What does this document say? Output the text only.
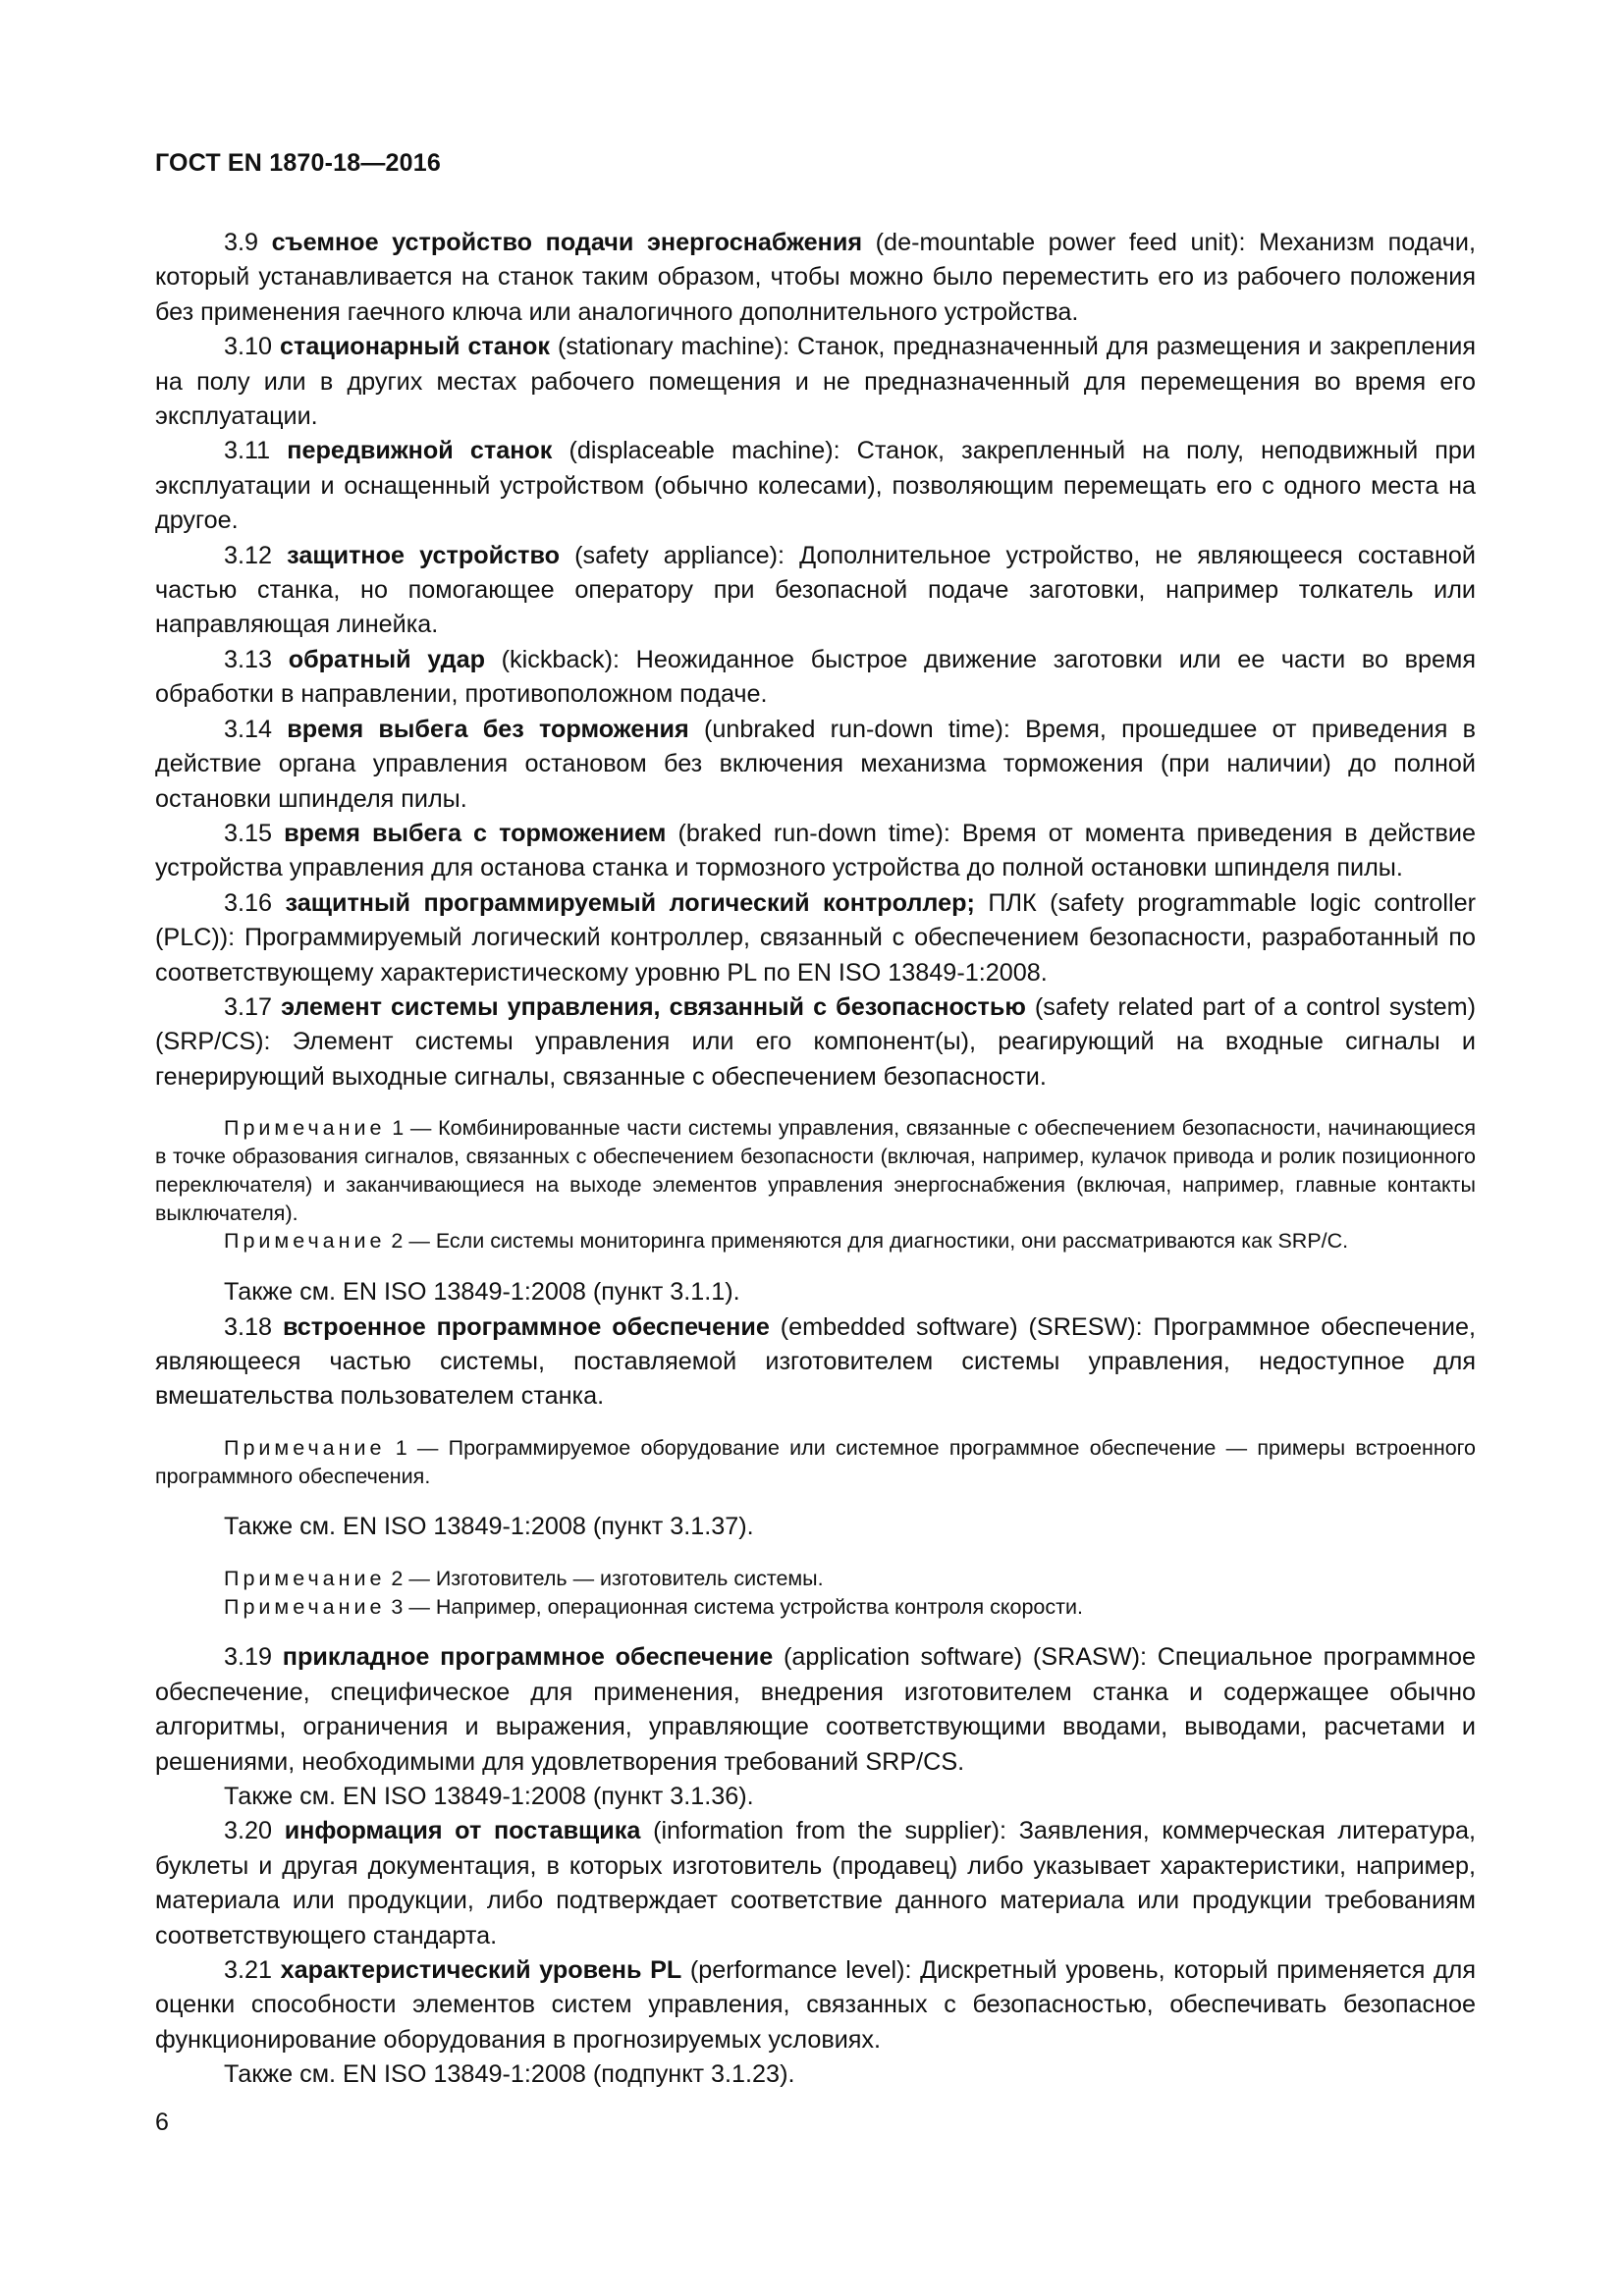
ГОСТ EN 1870-18—2016

3.9 съемное устройство подачи энергоснабжения (de-mountable power feed unit): Механизм подачи, который устанавливается на станок таким образом, чтобы можно было переместить его из рабочего положения без применения гаечного ключа или аналогичного дополнительного устройства.

3.10 стационарный станок (stationary machine): Станок, предназначенный для размещения и закрепления на полу или в других местах рабочего помещения и не предназначенный для перемещения во время его эксплуатации.

3.11 передвижной станок (displaceable machine): Станок, закрепленный на полу, неподвижный при эксплуатации и оснащенный устройством (обычно колесами), позволяющим перемещать его с одного места на другое.

3.12 защитное устройство (safety appliance): Дополнительное устройство, не являющееся составной частью станка, но помогающее оператору при безопасной подаче заготовки, например толкатель или направляющая линейка.

3.13 обратный удар (kickback): Неожиданное быстрое движение заготовки или ее части во время обработки в направлении, противоположном подаче.

3.14 время выбега без торможения (unbraked run-down time): Время, прошедшее от приведения в действие органа управления остановом без включения механизма торможения (при наличии) до полной остановки шпинделя пилы.

3.15 время выбега с торможением (braked run-down time): Время от момента приведения в действие устройства управления для останова станка и тормозного устройства до полной остановки шпинделя пилы.

3.16 защитный программируемый логический контроллер; ПЛК (safety programmable logic controller (PLC)): Программируемый логический контроллер, связанный с обеспечением безопасности, разработанный по соответствующему характеристическому уровню PL по EN ISO 13849-1:2008.

3.17 элемент системы управления, связанный с безопасностью (safety related part of a control system) (SRP/CS): Элемент системы управления или его компонент(ы), реагирующий на входные сигналы и генерирующий выходные сигналы, связанные с обеспечением безопасности.

Примечание 1 — Комбинированные части системы управления, связанные с обеспечением безопасности, начинающиеся в точке образования сигналов, связанных с обеспечением безопасности (включая, например, кулачок привода и ролик позиционного переключателя) и заканчивающиеся на выходе элементов управления энергоснабжения (включая, например, главные контакты выключателя).

Примечание 2 — Если системы мониторинга применяются для диагностики, они рассматриваются как SRP/C.

Также см. EN ISO 13849-1:2008 (пункт 3.1.1).

3.18 встроенное программное обеспечение (embedded software) (SRESW): Программное обеспечение, являющееся частью системы, поставляемой изготовителем системы управления, недоступное для вмешательства пользователем станка.

Примечание 1 — Программируемое оборудование или системное программное обеспечение — примеры встроенного программного обеспечения.

Также см. EN ISO 13849-1:2008 (пункт 3.1.37).

Примечание 2 — Изготовитель — изготовитель системы.

Примечание 3 — Например, операционная система устройства контроля скорости.

3.19 прикладное программное обеспечение (application software) (SRASW): Специальное программное обеспечение, специфическое для применения, внедрения изготовителем станка и содержащее обычно алгоритмы, ограничения и выражения, управляющие соответствующими вводами, выводами, расчетами и решениями, необходимыми для удовлетворения требований SRP/CS.

Также см. EN ISO 13849-1:2008 (пункт 3.1.36).

3.20 информация от поставщика (information from the supplier): Заявления, коммерческая литература, буклеты и другая документация, в которых изготовитель (продавец) либо указывает характеристики, например, материала или продукции, либо подтверждает соответствие данного материала или продукции требованиям соответствующего стандарта.

3.21 характеристический уровень PL (performance level): Дискретный уровень, который применяется для оценки способности элементов систем управления, связанных с безопасностью, обеспечивать безопасное функционирование оборудования в прогнозируемых условиях.

Также см. EN ISO 13849-1:2008 (подпункт 3.1.23).

6
